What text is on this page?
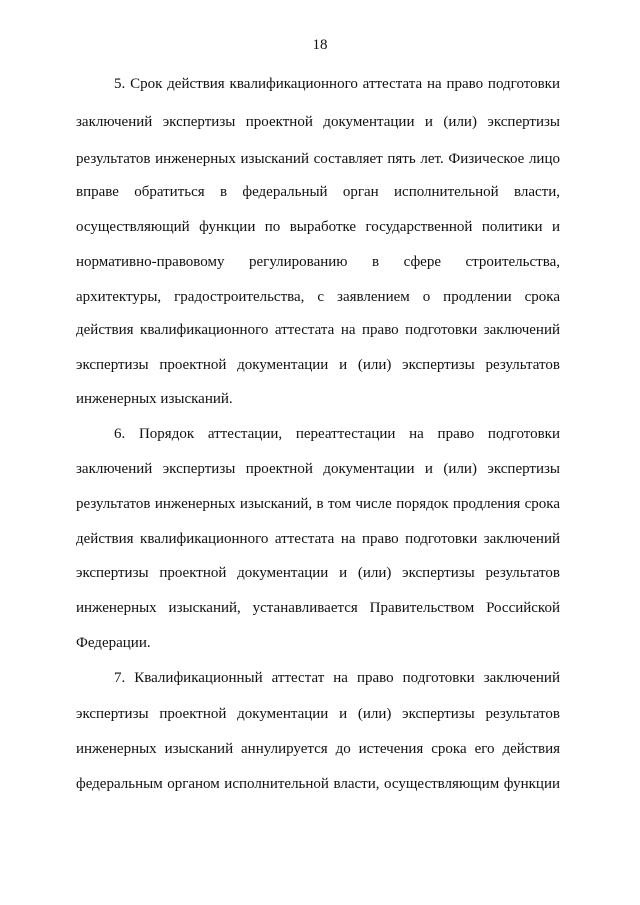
18
5. Срок действия квалификационного аттестата на право подготовки
заключений экспертизы проектной документации и (или) экспертизы
результатов инженерных изысканий составляет пять лет. Физическое лицо
вправе обратиться в федеральный орган исполнительной власти,
осуществляющий функции по выработке государственной политики и
нормативно-правовому регулированию в сфере строительства,
архитектуры, градостроительства, с заявлением о продлении срока
действия квалификационного аттестата на право подготовки заключений
экспертизы проектной документации и (или) экспертизы результатов
инженерных изысканий.
6. Порядок аттестации, переаттестации на право подготовки
заключений экспертизы проектной документации и (или) экспертизы
результатов инженерных изысканий, в том числе порядок продления срока
действия квалификационного аттестата на право подготовки заключений
экспертизы проектной документации и (или) экспертизы результатов
инженерных изысканий, устанавливается Правительством Российской
Федерации.
7. Квалификационный аттестат на право подготовки заключений
экспертизы проектной документации и (или) экспертизы результатов
инженерных изысканий аннулируется до истечения срока его действия
федеральным органом исполнительной власти, осуществляющим функции
